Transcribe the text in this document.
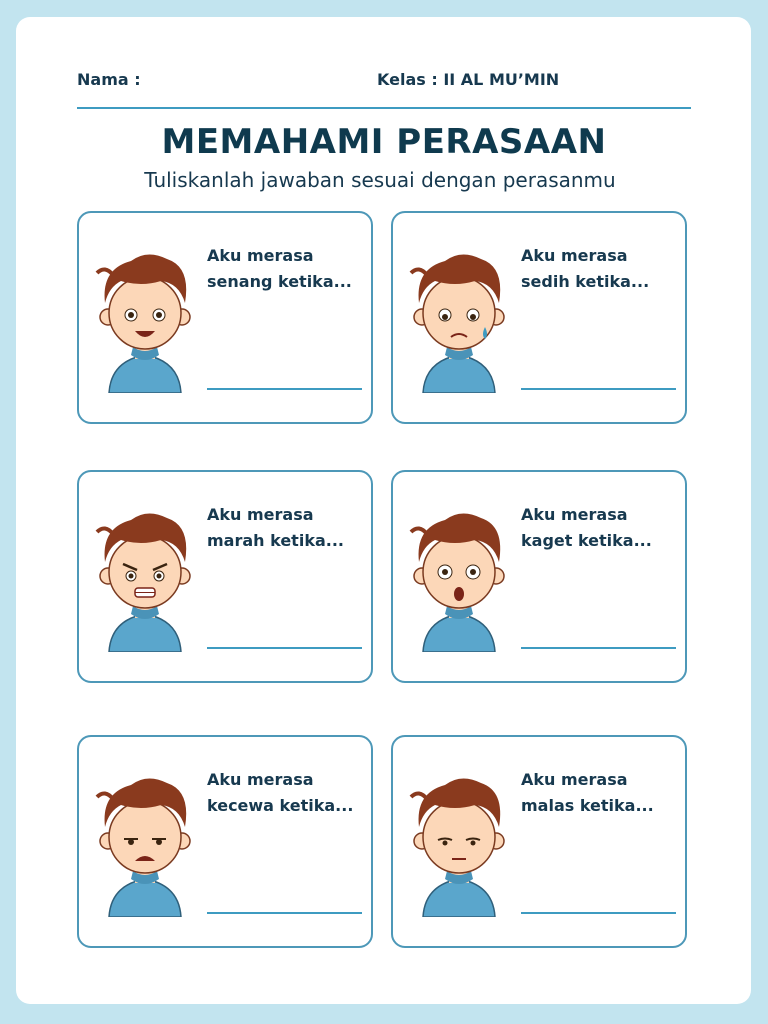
Nama :	Kelas : II AL MU’MIN
MEMAHAMI PERASAAN
Tuliskanlah jawaban sesuai dengan perasanmu
Aku merasa
senang ketika...
Aku merasa
sedih ketika...
Aku merasa
marah ketika...
Aku merasa
kaget ketika...
Aku merasa
kecewa ketika...
Aku merasa
malas ketika...
